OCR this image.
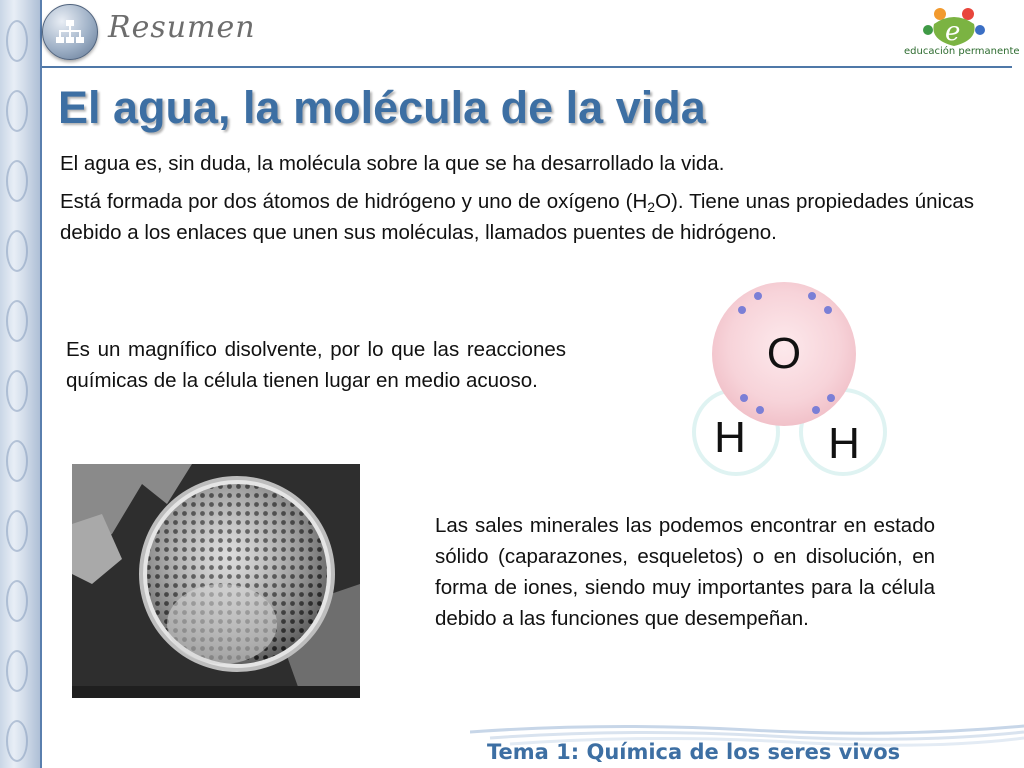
Resumen	e
educación permanente
El agua, la molécula de la vida

El agua es, sin duda, la molécula sobre la que se ha desarrollado la vida.

Está formada por dos átomos de hidrógeno y uno de oxígeno $(H_2O)$. Tiene unas propiedades únicas debido a los enlaces que unen sus moléculas, llamados puentes de hidrógeno.

Es un magnífico disolvente, por lo que las reacciones químicas de la célula tienen lugar en medio acuoso.

Las sales minerales las podemos encontrar en estado sólido (caparazones, esqueletos) o en disolución, en forma de iones, siendo muy importantes para la célula debido a las funciones que desempeñan.

O
H H
Tema 1: Química de los seres vivos
